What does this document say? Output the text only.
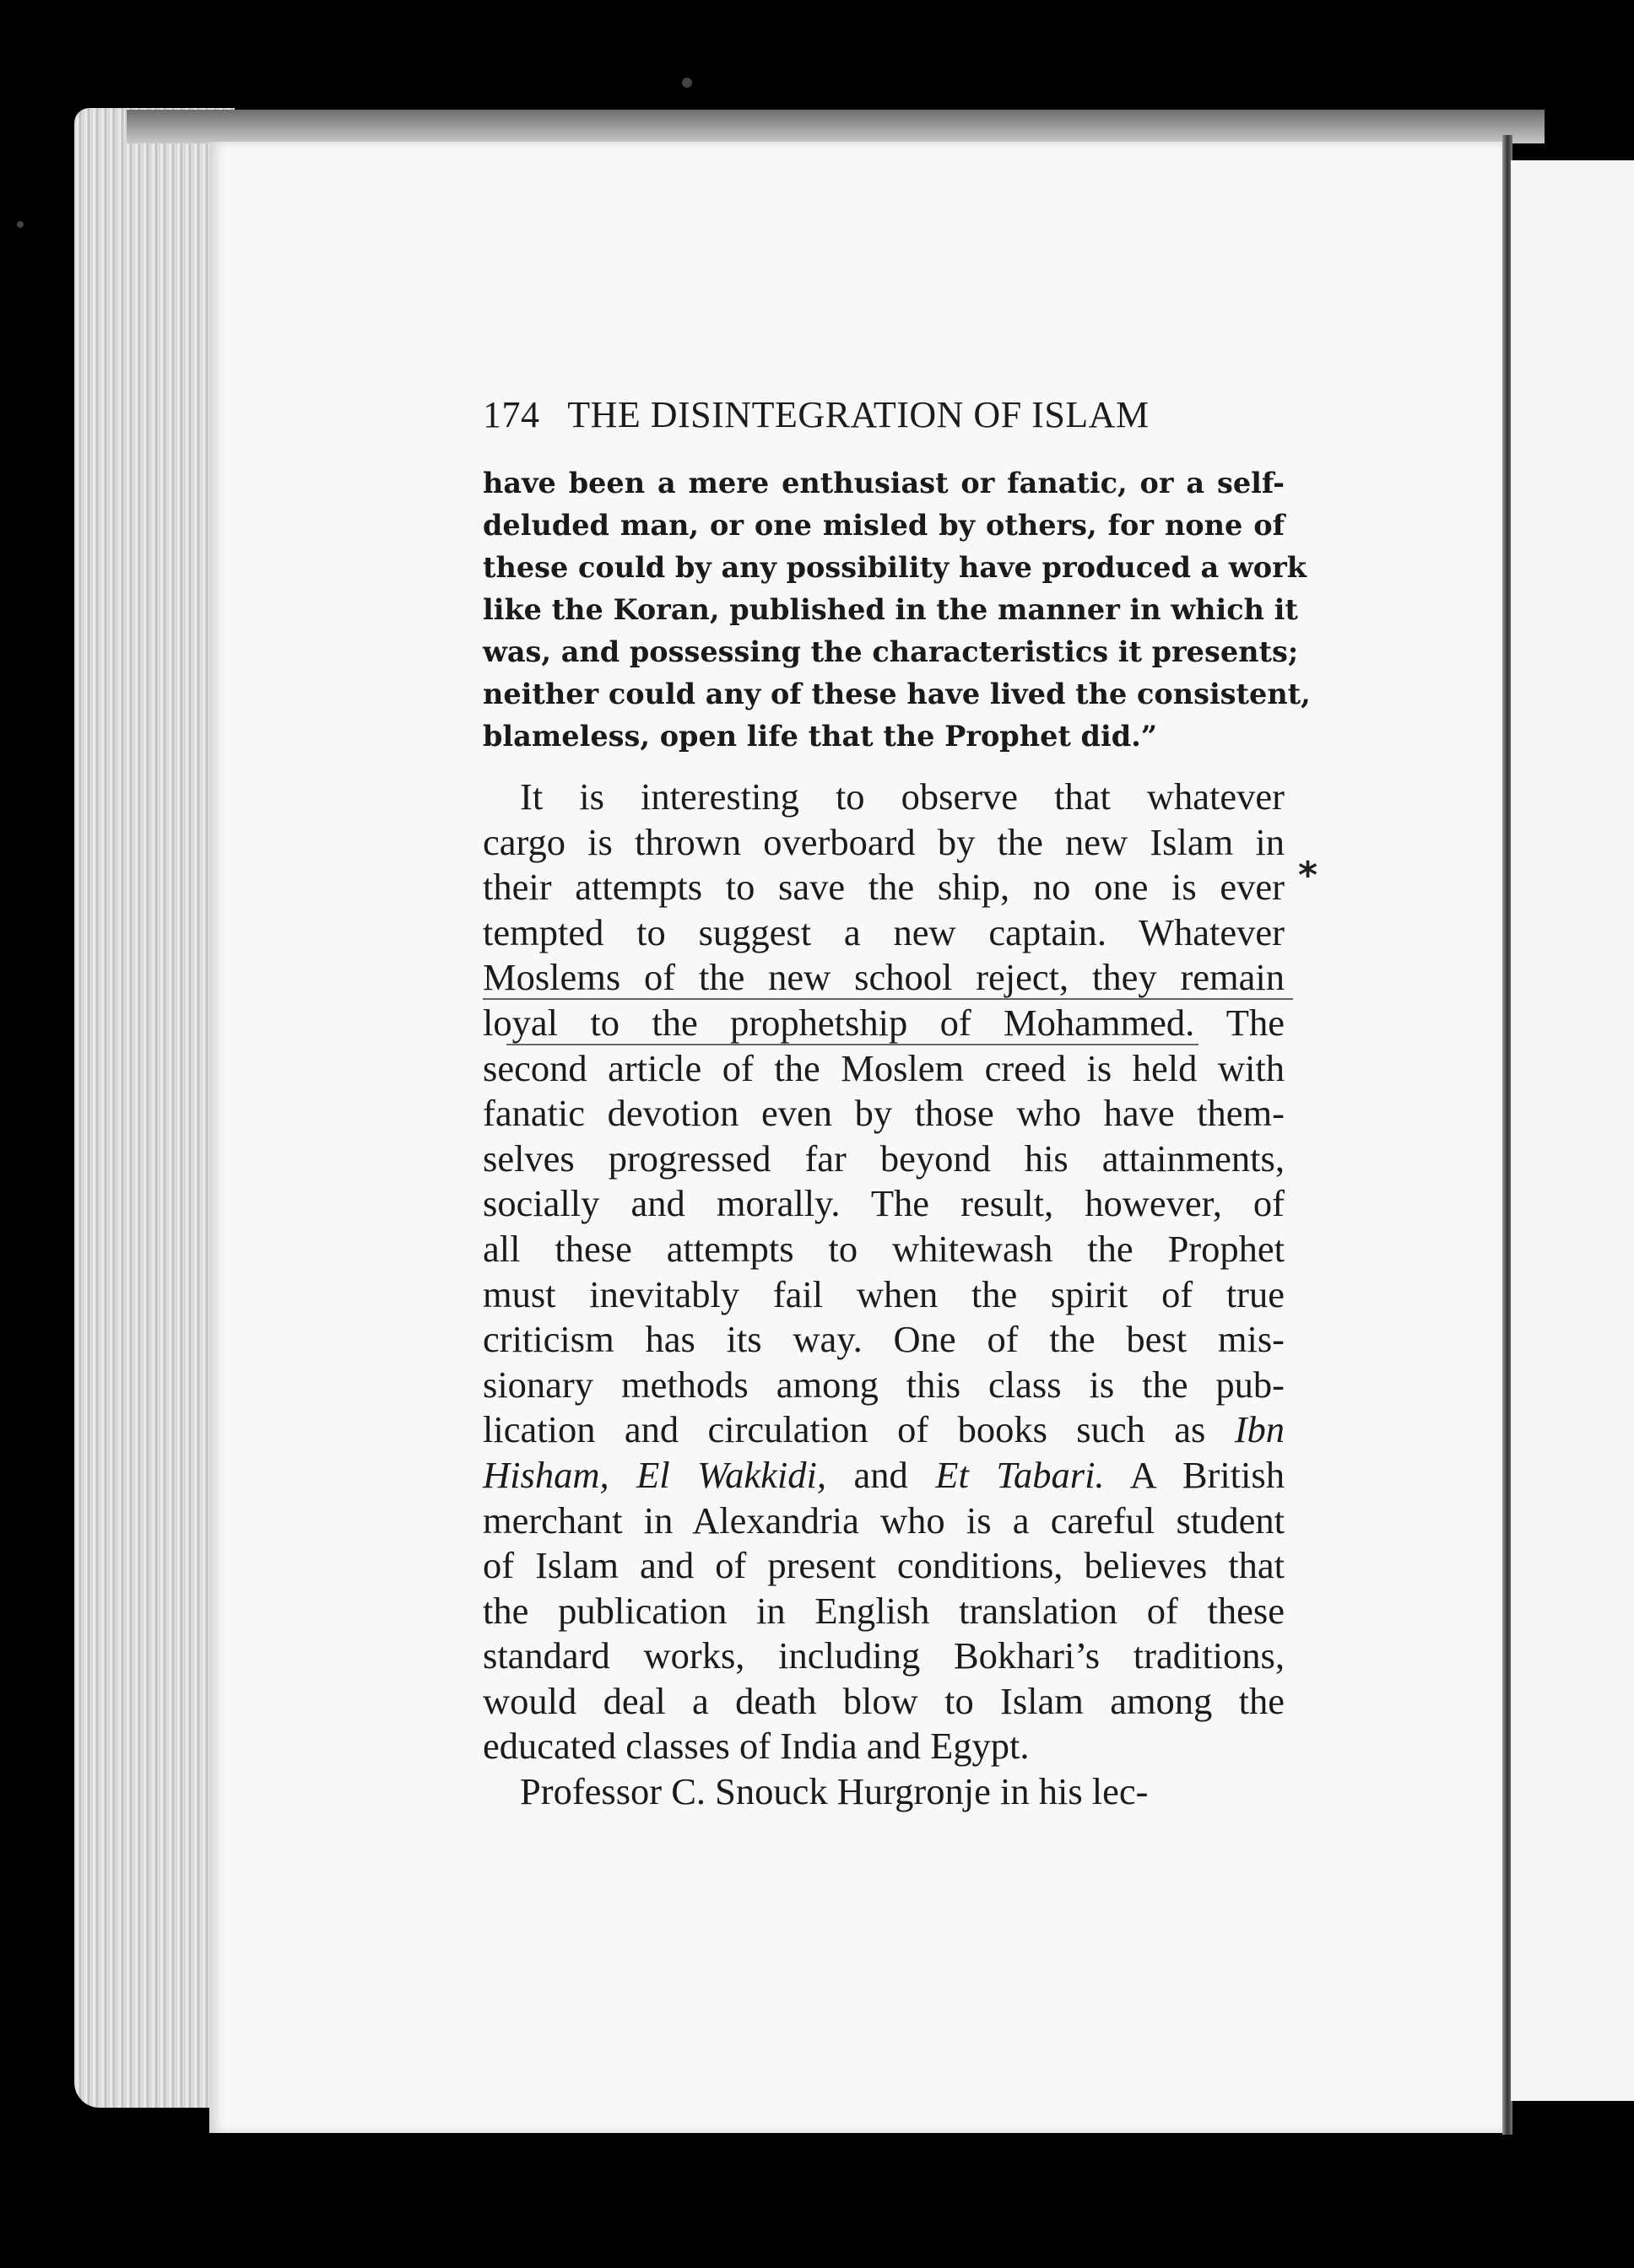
174 THE DISINTEGRATION OF ISLAM
have been a mere enthusiast or fanatic, or a self-
deluded man, or one misled by others, for none of
these could by any possibility have produced a work
like the Koran, published in the manner in which it
was, and possessing the characteristics it presents;
neither could any of these have lived the consistent,
blameless, open life that the Prophet did.”
It is interesting to observe that whatever
cargo is thrown overboard by the new Islam in
their attempts to save the ship, no one is ever
tempted to suggest a new captain. Whatever
Moslems of the new school reject, they remain
loyal to the prophetship of Mohammed. The
second article of the Moslem creed is held with
fanatic devotion even by those who have them-
selves progressed far beyond his attainments,
socially and morally. The result, however, of
all these attempts to whitewash the Prophet
must inevitably fail when the spirit of true
criticism has its way. One of the best mis-
sionary methods among this class is the pub-
lication and circulation of books such as Ibn
Hisham, El Wakkidi, and Et Tabari. A British
merchant in Alexandria who is a careful student
of Islam and of present conditions, believes that
the publication in English translation of these
standard works, including Bokhari’s traditions,
would deal a death blow to Islam among the
educated classes of India and Egypt.
Professor C. Snouck Hurgronje in his lec-
⁎
